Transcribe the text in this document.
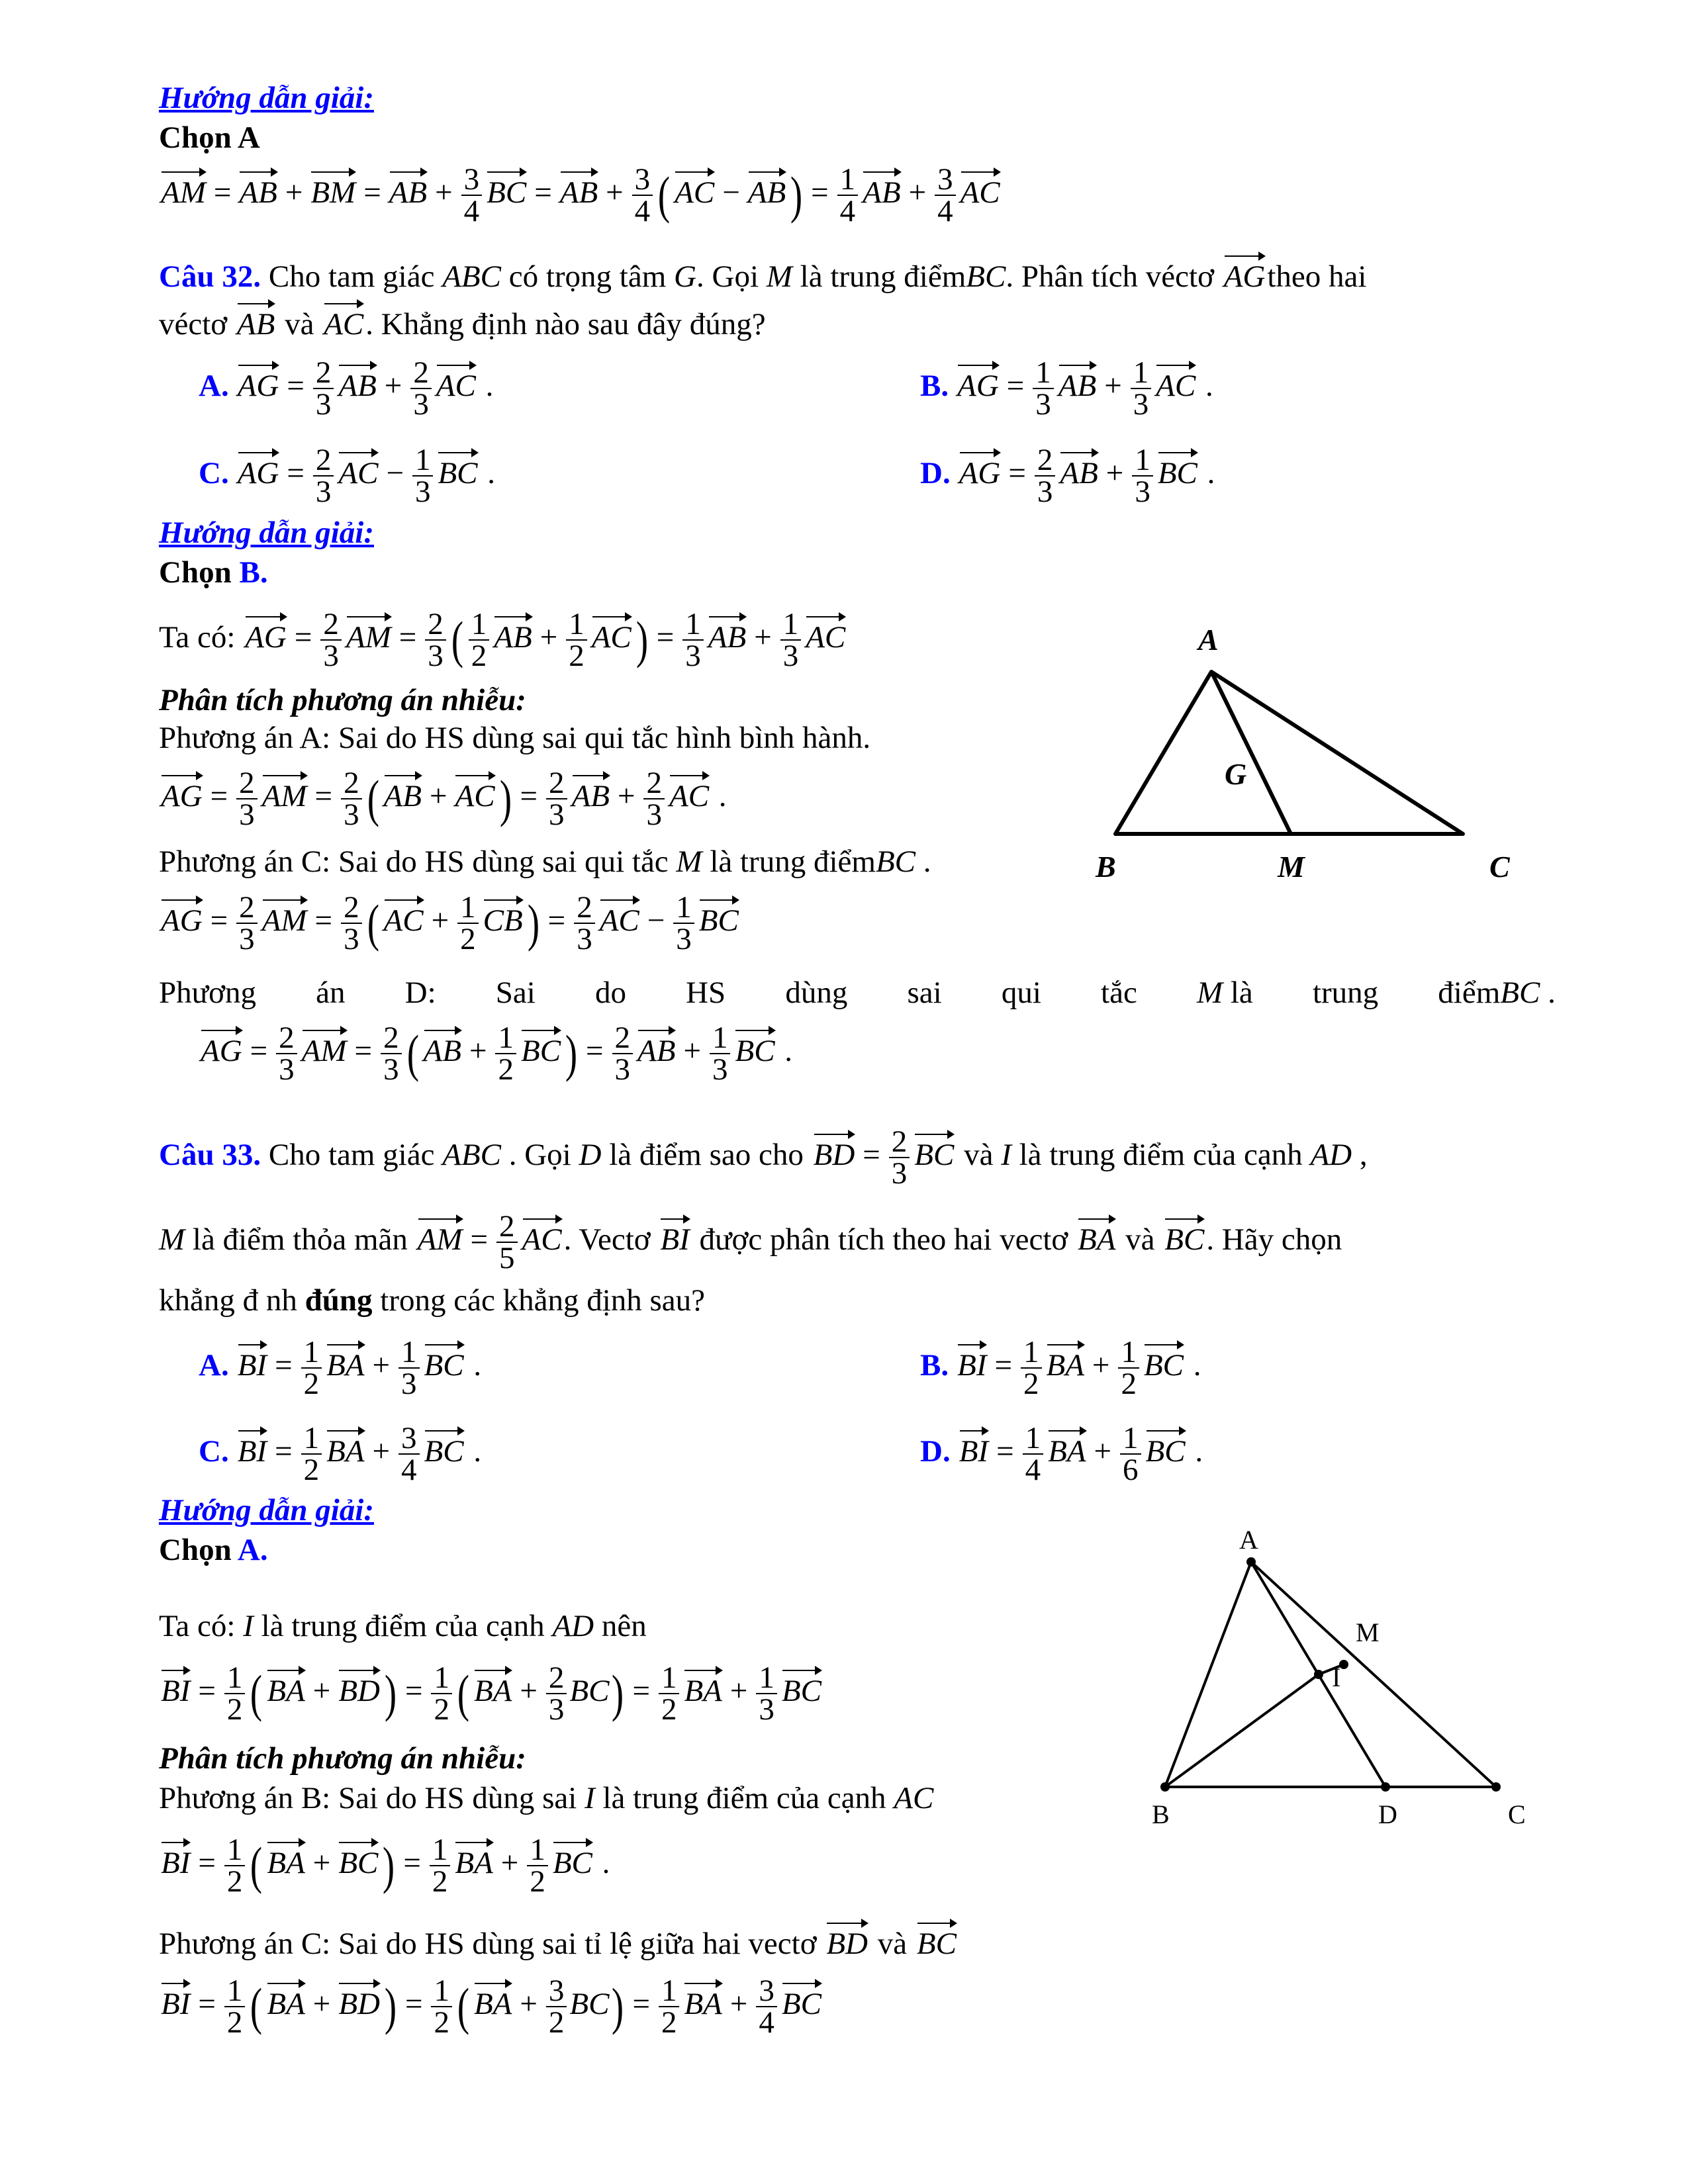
Hướng dẫn giải:
Chọn A
AM = AB + BM = AB + $\frac{3}{4}$ BC = AB + $\frac{3}{4}$ ( AC − $AB) = \frac{1}{4}$ AB + $\frac{3}{4}$ AC
Câu 32. Cho tam giác ABC có trọng tâm G. Gọi M là trung điểmBC. Phân tích véctơ AGtheo hai
véctơ AB và AC. Khẳng định nào sau đây đúng?
A. AG = $\frac{2}{3}$ AB + $\frac{2}{3}$ AC .	B. AG = $\frac{1}{3}$ AB + $\frac{1}{3}$ AC .
C. AG = $\frac{2}{3}$ AC − $\frac{1}{3}$ BC .	D. AG = $\frac{2}{3}$ AB + $\frac{1}{3}$ BC .
Hướng dẫn giải:
Chọn B.
Ta có: AG = $\frac{2}{3}$ AM = $\frac{2}{3}$ ( $\frac{1}{2}$ AB + $\frac{1}{2} AC) = \frac{1}{3}$ AB + $\frac{1}{3}$ AC
Phân tích phương án nhiễu:
Phương án A: Sai do HS dùng sai qui tắc hình bình hành.
AG = $\frac{2}{3}$ AM = $\frac{2}{3}$ ( AB + $AC) = \frac{2}{3}$ AB + $\frac{2}{3}$ AC .
Phương án C: Sai do HS dùng sai qui tắc M là trung điểmBC .
AG = $\frac{2}{3}$ AM = $\frac{2}{3}$ ( AC + $\frac{1}{2} CB) = \frac{2}{3}$ AC − $\frac{1}{3}$ BC
Phương án D: Sai do HS dùng sai qui tắc M là trung điểmBC .
AG = $\frac{2}{3}$ AM = $\frac{2}{3}$ ( AB + $\frac{1}{2} BC) = \frac{2}{3}$ AB + $\frac{1}{3}$ BC .
A
B	C
G
M
Câu 33. Cho tam giác ABC . Gọi D là điểm sao cho BD = $\frac{2}{3}$ BC và I là trung điểm của cạnh AD ,
M là điểm thỏa mãn AM = $\frac{2}{5}$ AC. Vectơ BI được phân tích theo hai vectơ BA và BC. Hãy chọn
khẳng đ nh đúng trong các khẳng định sau?
A. BI = $\frac{1}{2}$ BA + $\frac{1}{3}$ BC .	B. BI = $\frac{1}{2}$ BA + $\frac{1}{2}$ BC .
C. BI = $\frac{1}{2}$ BA + $\frac{3}{4}$ BC .	D. BI = $\frac{1}{4}$ BA + $\frac{1}{6}$ BC .
Hướng dẫn giải:
Chọn A.
Ta có: I là trung điểm của cạnh AD nên
BI = $\frac{1}{2}$ ( BA + $BD) = \frac{1}{2}$ ( BA + $\frac{2}{3} BC) = \frac{1}{2}$ BA + $\frac{1}{3}$ BC
Phân tích phương án nhiễu:
Phương án B: Sai do HS dùng sai I là trung điểm của cạnh AC
BI = $\frac{1}{2}$ ( BA + $BC) = \frac{1}{2}$ BA + $\frac{1}{2}$ BC .
Phương án C: Sai do HS dùng sai tỉ lệ giữa hai vectơ BD và BC
BI = $\frac{1}{2}$ ( BA + $BD) = \frac{1}{2}$ ( BA + $\frac{3}{2} BC) = \frac{1}{2}$ BA + $\frac{3}{4}$ BC
A
B	C
D
I
M
